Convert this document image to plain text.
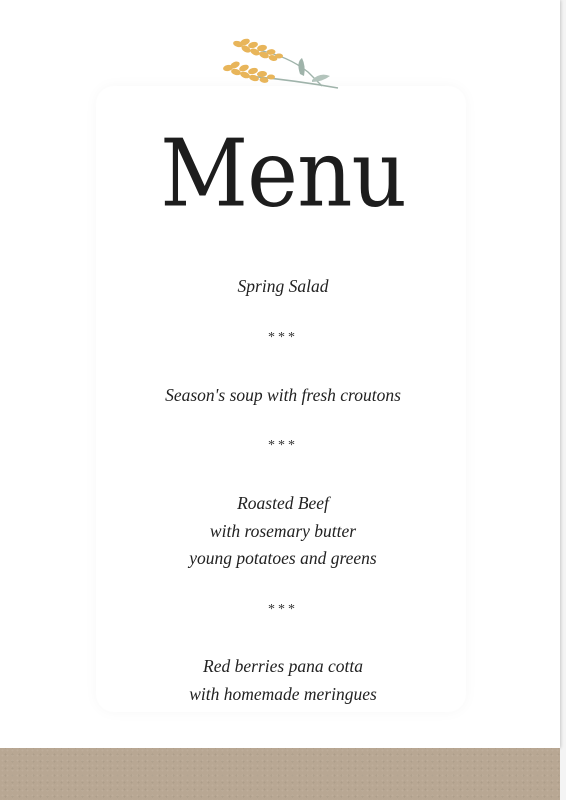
Menu
Spring Salad
***
Season's soup with fresh croutons
***
Roasted Beef
with rosemary butter
young potatoes and greens
***
Red berries pana cotta
with homemade meringues
